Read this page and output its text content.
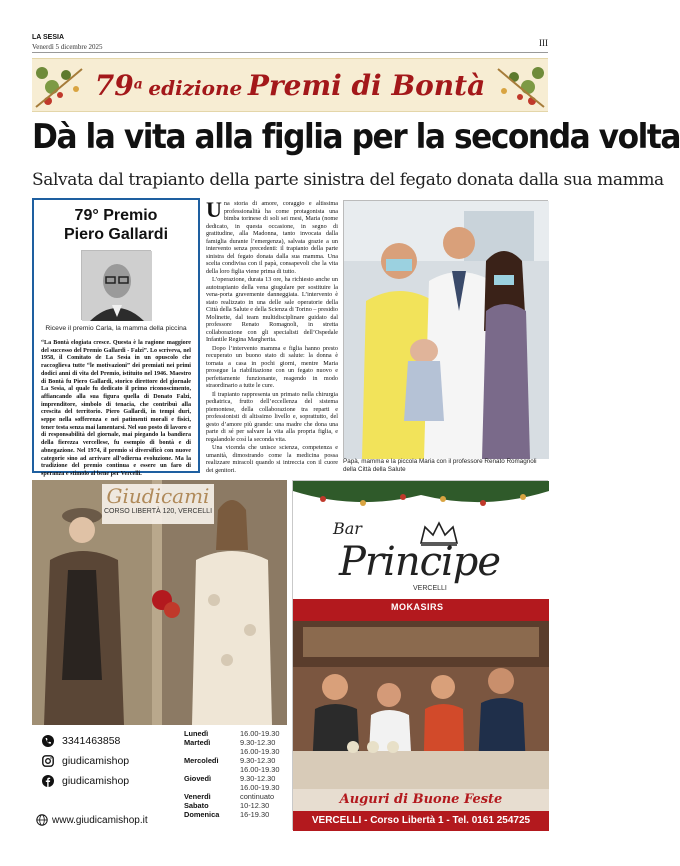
LA SESIA
Venerdì 5 dicembre 2025	III
79$^a$ edizione Premi di Bontà
Dà la vita alla figlia per la seconda volta
Salvata dal trapianto della parte sinistra del fegato donata dalla sua mamma
79° Premio
Piero Gallardi
Riceve il premio Carla, la mamma della piccina
“La Bontà elogiata cresce. Questa è la ragione maggiore del successo del Premio Gallardi - Falzi”. Lo scriveva, nel 1958, il Comitato de La Sesia in un opuscolo che raccoglieva tutte “le motivazioni” dei premiati nei primi dodici anni di vita del Premio, istituito nel 1946. Maestro di Bontà fu Piero Gallardi, storico direttore del giornale La Sesia, al quale fu dedicato il primo riconoscimento, affiancando alla sua figura quella di Donato Falzi, imprenditore, simbolo di tenacia, che contribuì alla crescita del territorio. Piero Gallardi, in tempi duri, seppe nella sofferenza e nei patimenti morali e fisici, tener testa senza mai lamentarsi. Nel suo posto di lavoro e di responsabilità del giornale, mai piegando la bandiera della fierezza vercellese, fu esempio di bontà e di abnegazione. Nel 1974, il premio si diversificò con nuove categorie sino ad arrivare all’odierna evoluzione. Ma la tradizione del premio continua e essere un faro di speranza e stimolo al bene per Vercelli.

Una storia di amore, coraggio e altissima professionalità ha come protagonista una bimba torinese di soli sei mesi, Maria (nome dedicato, in questa occasione, in segno di gratitudine, alla Madonna, tanto invocata dalla famiglia durante l’emergenza), salvata grazie a un intervento senza precedenti: il trapianto della parte sinistra del fegato donata dalla sua mamma. Una scelta condivisa con il papà, consapevoli che la vita della loro figlia viene prima di tutto.

L’operazione, durata 13 ore, ha richiesto anche un autotrapianto della vena giugulare per sostituire la vena-porta gravemente danneggiata. L’intervento è stato realizzato in una delle sale operatorie della Città della Salute e della Scienza di Torino – presidio Molinette, dal team multidisciplinare guidato dal professore Renato Romagnoli, in stretta collaborazione con gli specialisti dell’Ospedale Infantile Regina Margherita.

Dopo l’intervento mamma e figlia hanno presto recuperato un buono stato di salute: la donna è tornata a casa in pochi giorni, mentre Maria prosegue la riabilitazione con un fegato nuovo e perfettamente funzionante, reagendo in modo straordinario a tutte le cure.

Il trapianto rappresenta un primato nella chirurgia pediatrica, frutto dell’eccellenza del sistema piemontese, della collaborazione tra reparti e professionisti di altissimo livello e, soprattutto, del gesto d’amore più grande: una madre che dona una parte di sé per salvare la vita alla propria figlia, e regalandole così la seconda vita.

Una vicenda che unisce scienza, competenza e umanità, dimostrando come la medicina possa realizzare miracoli quando si intreccia con il cuore dei genitori.

Papà, mamma e la piccola Maria con il professore Renato Romagnoli della Città della Salute
Giudicami
CORSO LIBERTÀ 120, VERCELLI
3341463858
giudicamishop
giudicamishop
Lunedì	16.00-19.30
Martedì	9.30-12.30
16.00-19.30
Mercoledì	9.30-12.30
16.00-19.30
Giovedì	9.30-12.30
16.00-19.30
Venerdì	continuato
Sabato	10-12.30
Domenica	16-19.30
www.giudicamishop.it
Bar
Principe
VERCELLI
MOKASIRS
Auguri di Buone Feste
VERCELLI - Corso Libertà 1 - Tel. 0161 254725
